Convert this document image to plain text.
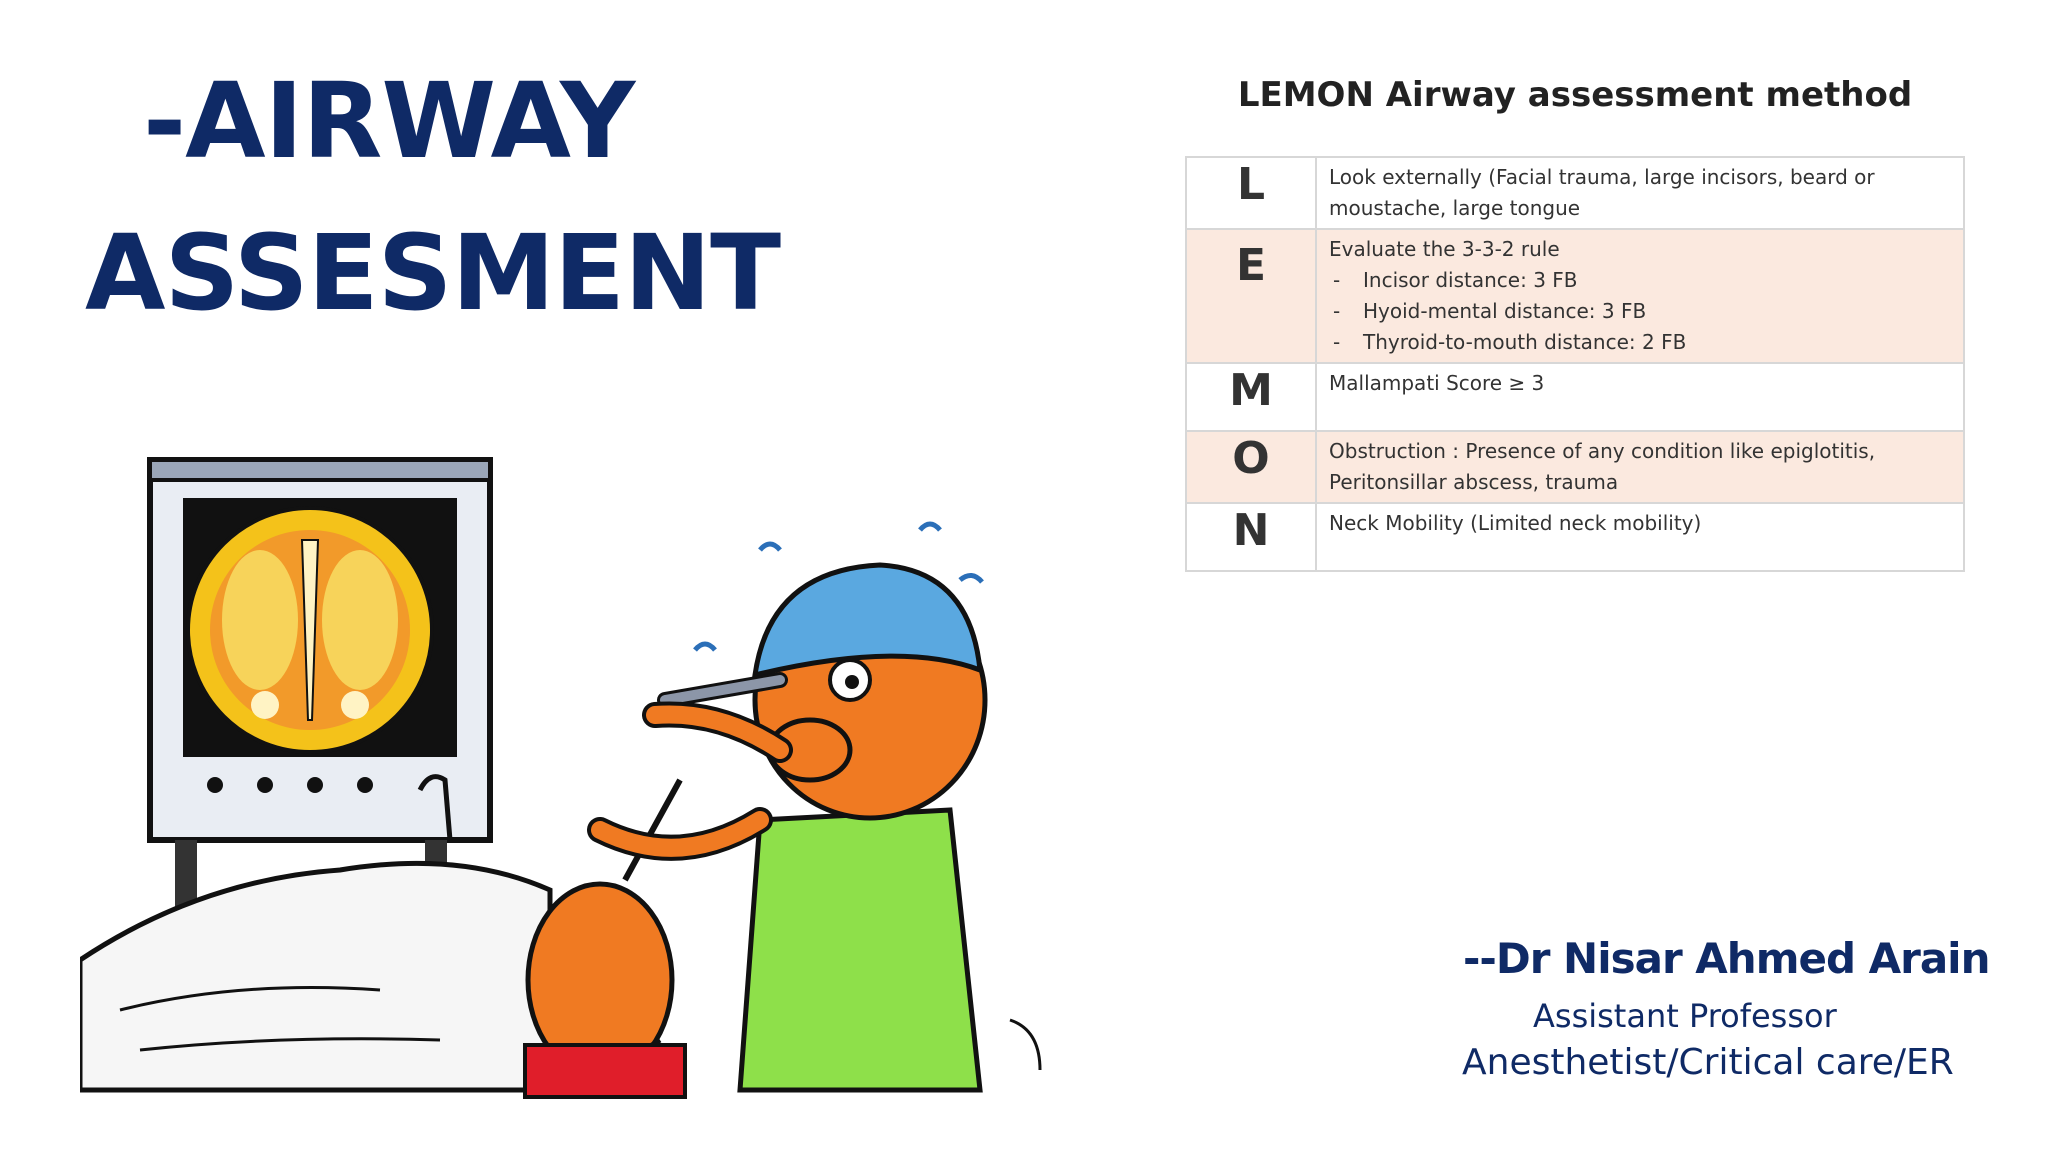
-AIRWAY
ASSESMENT
LEMON Airway assessment method
L	Look externally (Facial trauma, large incisors, beard or moustache, large tongue
E	Evaluate the 3-3-2 rule
- Incisor distance: 3 FB
- Hyoid-mental distance: 3 FB
- Thyroid-to-mouth distance: 2 FB

M	Mallampati Score ≥ 3
O	Obstruction : Presence of any condition like epiglotitis, Peritonsillar abscess, trauma
N	Neck Mobility (Limited neck mobility)
--Dr Nisar Ahmed Arain
Assistant Professor
Anesthetist/Critical care/ER
